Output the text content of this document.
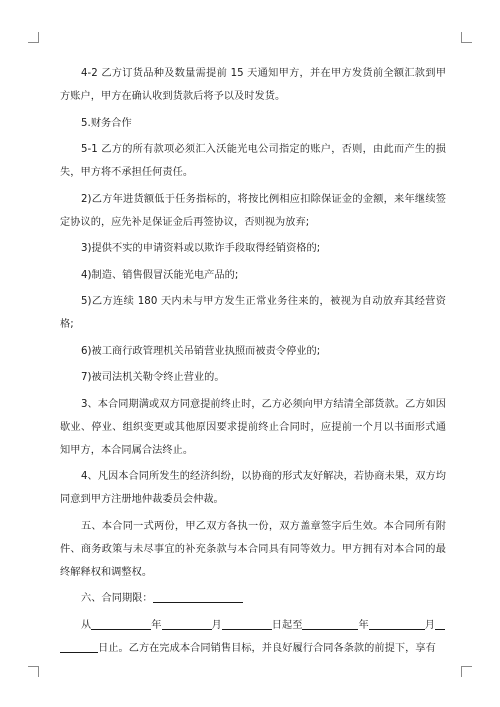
4-2 乙方订货品种及数量需提前 15 天通知甲方，并在甲方发货前全额汇款到甲方账户，甲方在确认收到货款后将予以及时发货。

5.财务合作

5-1 乙方的所有款项必须汇入沃能光电公司指定的账户，否则，由此而产生的损失，甲方将不承担任何责任。

2)乙方年进货额低于任务指标的，将按比例相应扣除保证金的金额，来年继续签定协议的，应先补足保证金后再签协议，否则视为放弃;

3)提供不实的申请资料或以欺诈手段取得经销资格的;

4)制造、销售假冒沃能光电产品的;

5)乙方连续 180 天内未与甲方发生正常业务往来的，被视为自动放弃其经营资格;

6)被工商行政管理机关吊销营业执照而被责令停业的;

7)被司法机关勒令终止营业的。

3、本合同期满或双方同意提前终止时，乙方必须向甲方结清全部货款。乙方如因歇业、停业、组织变更或其他原因要求提前终止合同时，应提前一个月以书面形式通知甲方，本合同属合法终止。

4、凡因本合同所发生的经济纠纷，以协商的形式友好解决，若协商未果，双方均同意到甲方注册地仲裁委员会仲裁。

五、本合同一式两份，甲乙双方各执一份，双方盖章签字后生效。本合同所有附件、商务政策与未尽事宜的补充条款与本合同具有同等效力。甲方拥有对本合同的最终解释权和调整权。

六、合同期限：

从	年	月	日起至	年	月
日止。乙方在完成本合同销售目标，并良好履行合同各条款的前提下，享有
